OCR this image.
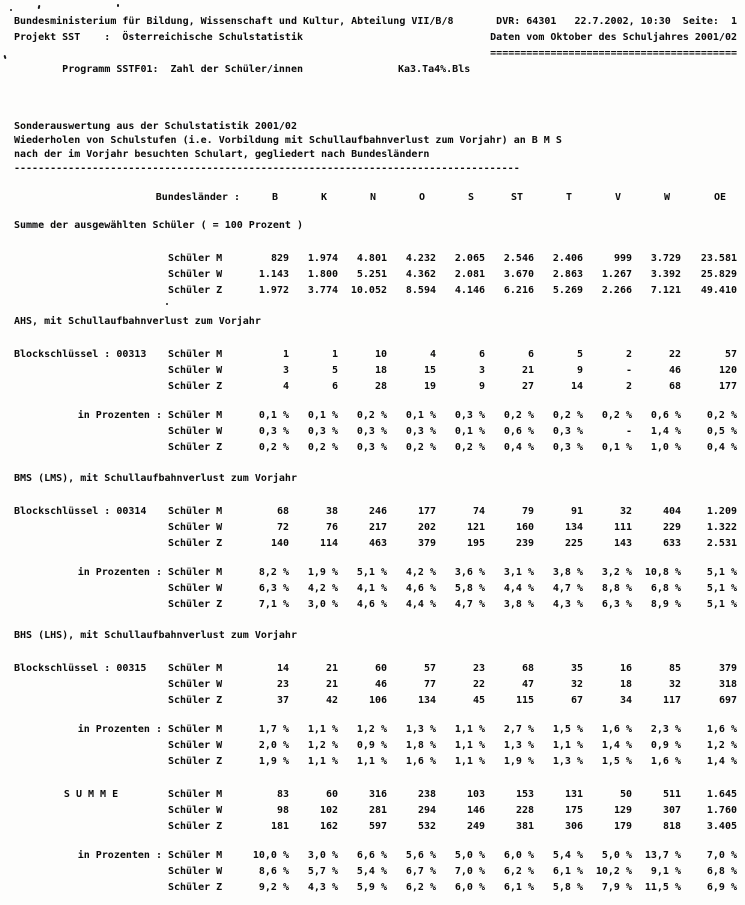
Bundesministerium für Bildung, Wissenschaft und Kultur, Abteilung VII/B/8	DVR: 64301   22.7.2002, 10:30  Seite:  1
Projekt SST    :  Österreichische Schulstatistik	Daten vom Oktober des Schuljahres 2001/02

Programm SSTF01:  Zahl der Schüler/innen	Ka3.Ta4%.Bls

=========================================
Sonderauswertung aus der Schulstatistik 2001/02
Wiederholen von Schulstufen (i.e. Vorbildung mit Schullaufbahnverlust zum Vorjahr) an B M S
nach der im Vorjahr besuchten Schulart, gegliedert nach Bundesländern
------------------------------------------------------------------------------------
Bundesländer :	B	K	N	O	S	ST	T	V	W	OE
Summe der ausgewählten Schüler ( = 100 Prozent )
Schüler M	829	1.974	4.801	4.232	2.065	2.546	2.406	999	3.729	23.581
Schüler W	1.143	1.800	5.251	4.362	2.081	3.670	2.863	1.267	3.392	25.829
Schüler Z	1.972	3.774	10.052	8.594	4.146	6.216	5.269	2.266	7.121	49.410
AHS, mit Schullaufbahnverlust zum Vorjahr
Blockschlüssel : 00313	Schüler M	1	1	10	4	6	6	5	2	22	57
Schüler W	3	5	18	15	3	21	9	-	46	120
Schüler Z	4	6	28	19	9	27	14	2	68	177
in Prozenten : Schüler M	0,1 %	0,1 %	0,2 %	0,1 %	0,3 %	0,2 %	0,2 %	0,2 %	0,6 %	0,2 %
Schüler W	0,3 %	0,3 %	0,3 %	0,3 %	0,1 %	0,6 %	0,3 %	-	1,4 %	0,5 %
Schüler Z	0,2 %	0,2 %	0,3 %	0,2 %	0,2 %	0,4 %	0,3 %	0,1 %	1,0 %	0,4 %
BMS (LMS), mit Schullaufbahnverlust zum Vorjahr
Blockschlüssel : 00314	Schüler M	68	38	246	177	74	79	91	32	404	1.209
Schüler W	72	76	217	202	121	160	134	111	229	1.322
Schüler Z	140	114	463	379	195	239	225	143	633	2.531
in Prozenten : Schüler M	8,2 %	1,9 %	5,1 %	4,2 %	3,6 %	3,1 %	3,8 %	3,2 %	10,8 %	5,1 %
Schüler W	6,3 %	4,2 %	4,1 %	4,6 %	5,8 %	4,4 %	4,7 %	8,8 %	6,8 %	5,1 %
Schüler Z	7,1 %	3,0 %	4,6 %	4,4 %	4,7 %	3,8 %	4,3 %	6,3 %	8,9 %	5,1 %
BHS (LHS), mit Schullaufbahnverlust zum Vorjahr
Blockschlüssel : 00315	Schüler M	14	21	60	57	23	68	35	16	85	379
Schüler W	23	21	46	77	22	47	32	18	32	318
Schüler Z	37	42	106	134	45	115	67	34	117	697
in Prozenten : Schüler M	1,7 %	1,1 %	1,2 %	1,3 %	1,1 %	2,7 %	1,5 %	1,6 %	2,3 %	1,6 %
Schüler W	2,0 %	1,2 %	0,9 %	1,8 %	1,1 %	1,3 %	1,1 %	1,4 %	0,9 %	1,2 %
Schüler Z	1,9 %	1,1 %	1,1 %	1,6 %	1,1 %	1,9 %	1,3 %	1,5 %	1,6 %	1,4 %
S U M M E	Schüler M	83	60	316	238	103	153	131	50	511	1.645
Schüler W	98	102	281	294	146	228	175	129	307	1.760
Schüler Z	181	162	597	532	249	381	306	179	818	3.405
in Prozenten : Schüler M	10,0 %	3,0 %	6,6 %	5,6 %	5,0 %	6,0 %	5,4 %	5,0 %	13,7 %	7,0 %
Schüler W	8,6 %	5,7 %	5,4 %	6,7 %	7,0 %	6,2 %	6,1 %	10,2 %	9,1 %	6,8 %
Schüler Z	9,2 %	4,3 %	5,9 %	6,2 %	6,0 %	6,1 %	5,8 %	7,9 %	11,5 %	6,9 %
